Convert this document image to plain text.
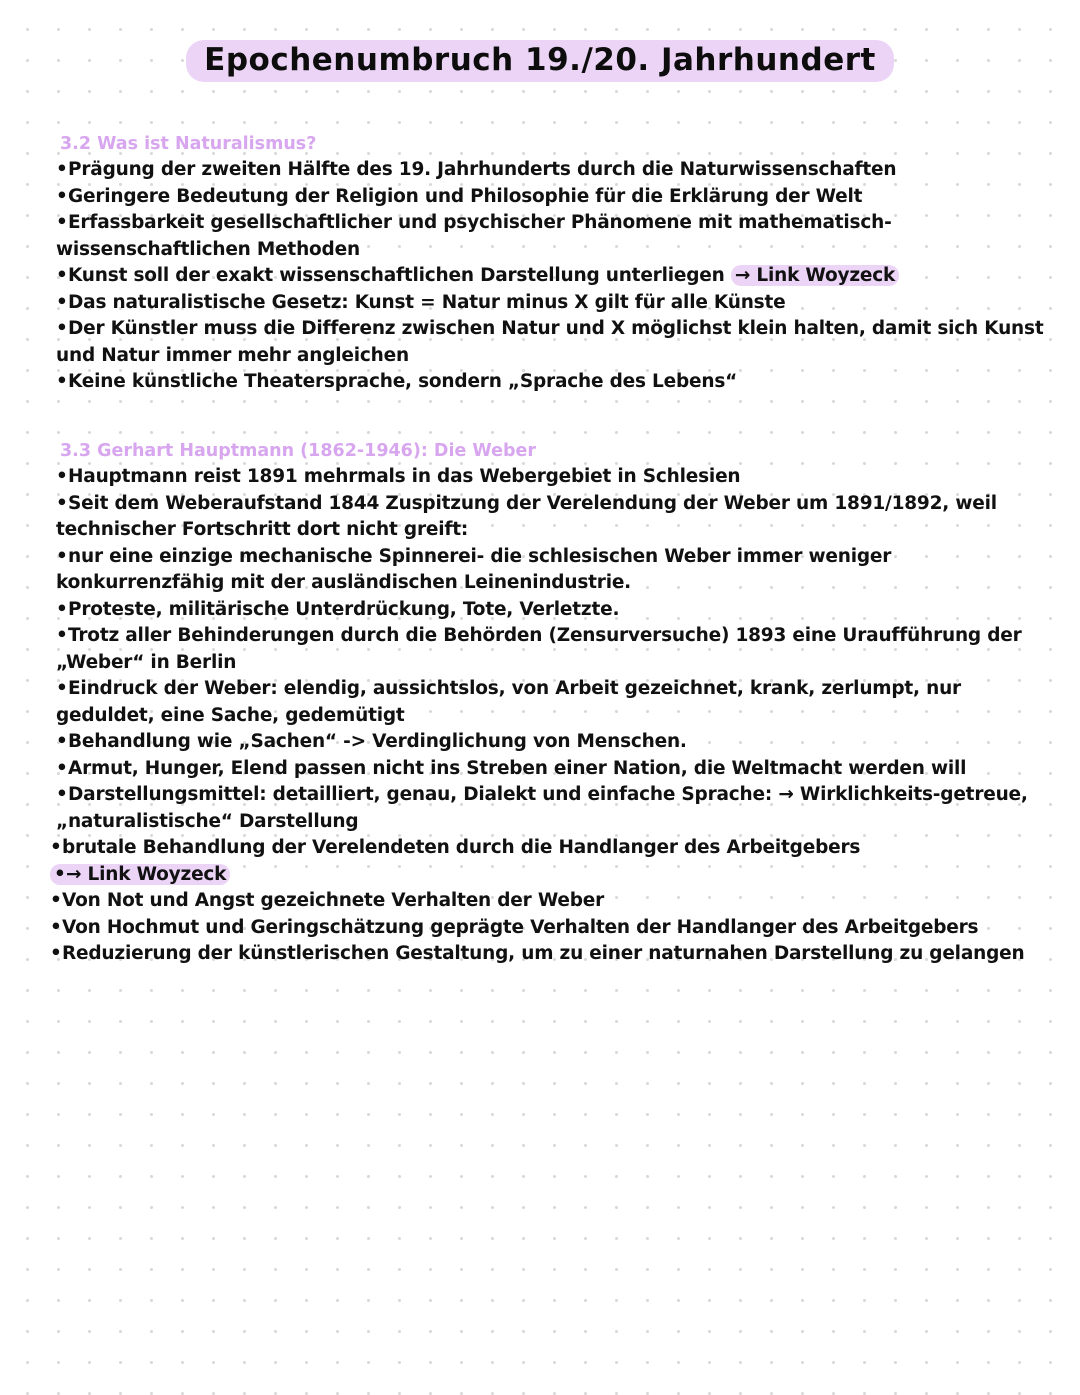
Epochenumbruch 19./20. Jahrhundert
3.2 Was ist Naturalismus?
•Prägung der zweiten Hälfte des 19. Jahrhunderts durch die Naturwissenschaften
•Geringere Bedeutung der Religion und Philosophie für die Erklärung der Welt
•Erfassbarkeit gesellschaftlicher und psychischer Phänomene mit mathematisch-wissenschaftlichen Methoden
•Kunst soll der exakt wissenschaftlichen Darstellung unterliegen → Link Woyzeck
•Das naturalistische Gesetz: Kunst = Natur minus X gilt für alle Künste
•Der Künstler muss die Differenz zwischen Natur und X möglichst klein halten, damit sich Kunst und Natur immer mehr angleichen
•Keine künstliche Theatersprache, sondern „Sprache des Lebens“
3.3 Gerhart Hauptmann (1862-1946): Die Weber
•Hauptmann reist 1891 mehrmals in das Webergebiet in Schlesien
•Seit dem Weberaufstand 1844 Zuspitzung der Verelendung der Weber um 1891/1892, weil technischer Fortschritt dort nicht greift:
•nur eine einzige mechanische Spinnerei- die schlesischen Weber immer weniger konkurrenzfähig mit der ausländischen Leinenindustrie.
•Proteste, militärische Unterdrückung, Tote, Verletzte.
•Trotz aller Behinderungen durch die Behörden (Zensurversuche) 1893 eine Uraufführung der „Weber“ in Berlin
•Eindruck der Weber: elendig, aussichtslos, von Arbeit gezeichnet, krank, zerlumpt, nur geduldet, eine Sache, gedemütigt
•Behandlung wie „Sachen“ -> Verdinglichung von Menschen.
•Armut, Hunger, Elend passen nicht ins Streben einer Nation, die Weltmacht werden will
•Darstellungsmittel: detailliert, genau, Dialekt und einfache Sprache: → Wirklichkeits-getreue, „naturalistische“ Darstellung
•brutale Behandlung der Verelendeten durch die Handlanger des Arbeitgebers
•→ Link Woyzeck
•Von Not und Angst gezeichnete Verhalten der Weber
•Von Hochmut und Geringschätzung geprägte Verhalten der Handlanger des Arbeitgebers
•Reduzierung der künstlerischen Gestaltung, um zu einer naturnahen Darstellung zu gelangen
